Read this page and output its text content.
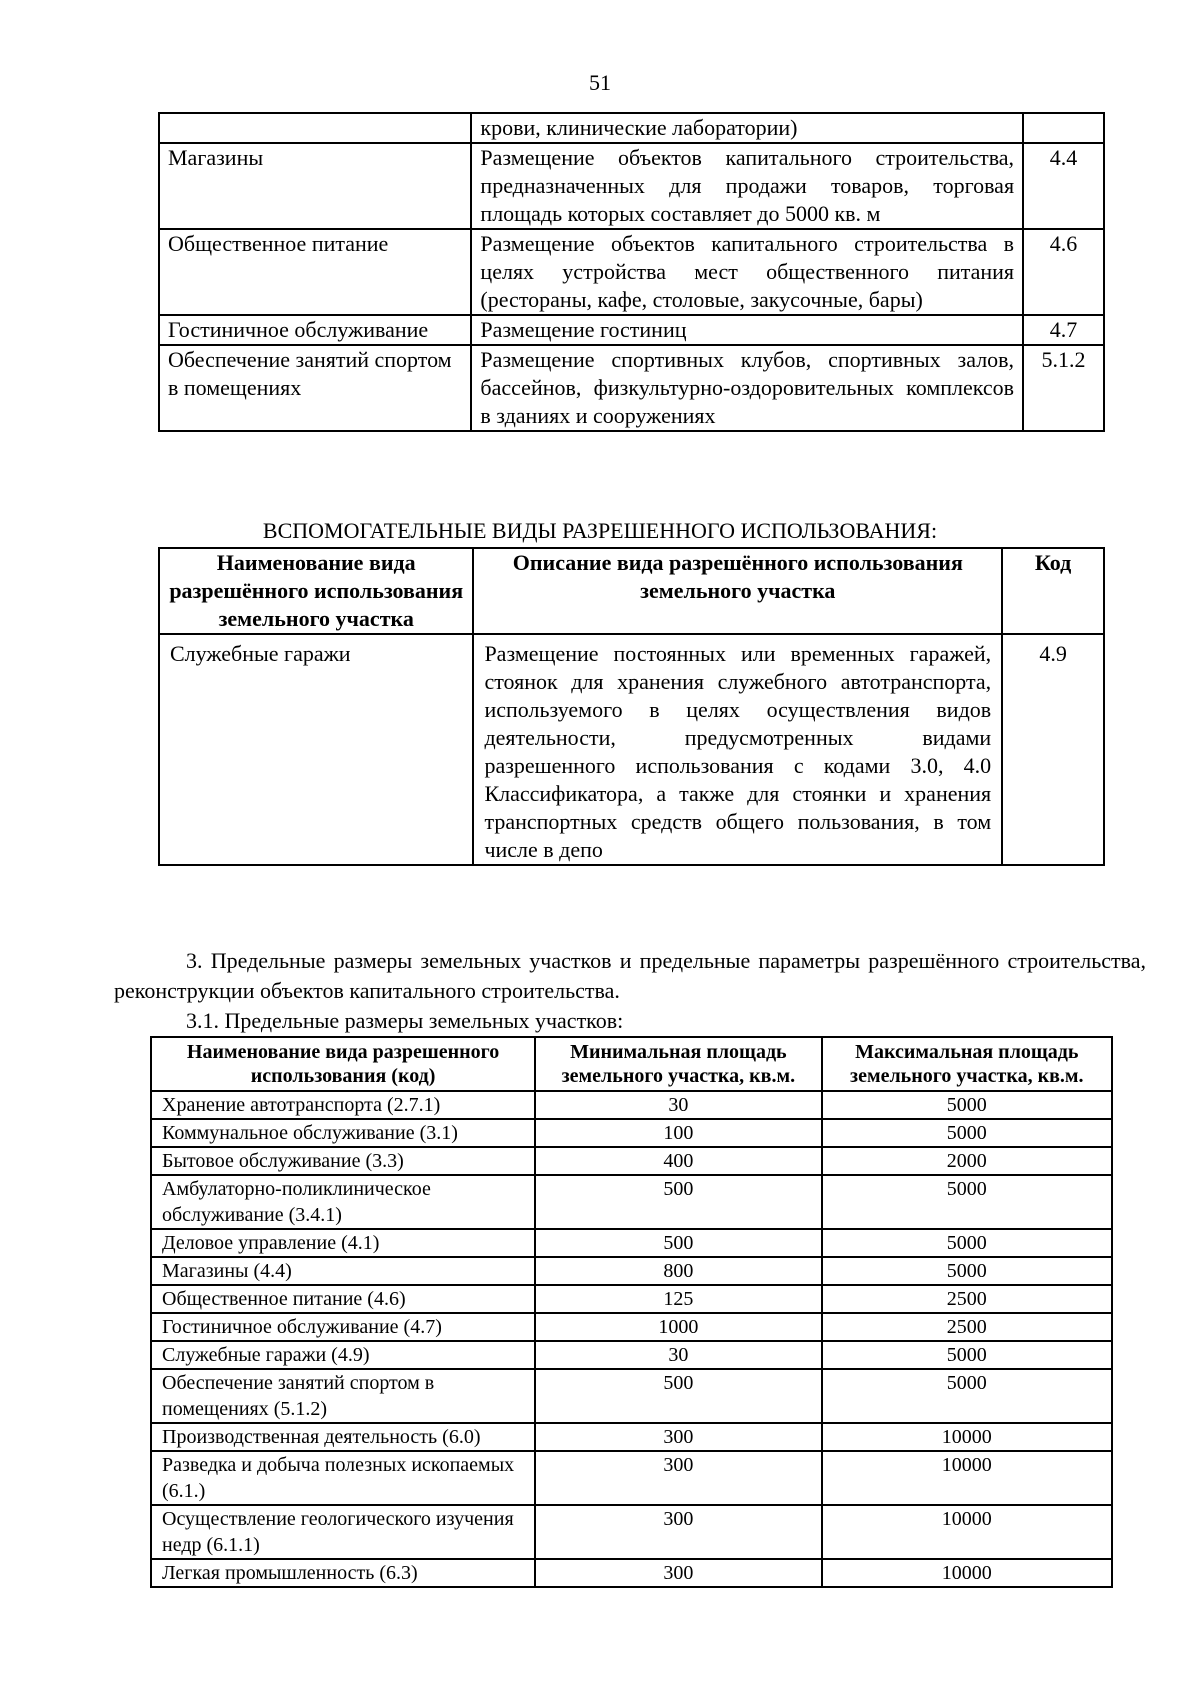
51
	крови, клинические лаборатории)	
Магазины	Размещение объектов капитального строительства, предназначенных для продажи товаров, торговая площадь которых составляет до 5000 кв. м	4.4
Общественное питание	Размещение объектов капитального строительства в целях устройства мест общественного питания (рестораны, кафе, столовые, закусочные, бары)	4.6
Гостиничное обслуживание	Размещение гостиниц	4.7
Обеспечение занятий спортом в помещениях	Размещение спортивных клубов, спортивных залов, бассейнов, физкультурно-оздоровительных комплексов в зданиях и сооружениях	5.1.2
ВСПОМОГАТЕЛЬНЫЕ ВИДЫ РАЗРЕШЕННОГО ИСПОЛЬЗОВАНИЯ:
Наименование вида разрешённого использования земельного участка	Описание вида разрешённого использования земельного участка	Код
Служебные гаражи	Размещение постоянных или временных гаражей, стоянок для хранения служебного автотранспорта, используемого в целях осуществления видов деятельности, предусмотренных видами разрешенного использования с кодами 3.0, 4.0 Классификатора, а также для стоянки и хранения транспортных средств общего пользования, в том числе в депо	4.9
3. Предельные размеры земельных участков и предельные параметры разрешённого строительства, реконструкции объектов капитального строительства.
3.1. Предельные размеры земельных участков:
Наименование вида разрешенного использования (код)	Минимальная площадь земельного участка, кв.м.	Максимальная площадь земельного участка, кв.м.
Хранение автотранспорта (2.7.1)	30	5000
Коммунальное обслуживание (3.1)	100	5000
Бытовое обслуживание (3.3)	400	2000
Амбулаторно-поликлиническое обслуживание (3.4.1)	500	5000
Деловое управление (4.1)	500	5000
Магазины (4.4)	800	5000
Общественное питание (4.6)	125	2500
Гостиничное обслуживание (4.7)	1000	2500
Служебные гаражи (4.9)	30	5000
Обеспечение занятий спортом в помещениях (5.1.2)	500	5000
Производственная деятельность (6.0)	300	10000
Разведка и добыча полезных ископаемых (6.1.)	300	10000
Осуществление геологического изучения недр (6.1.1)	300	10000
Легкая промышленность (6.3)	300	10000
